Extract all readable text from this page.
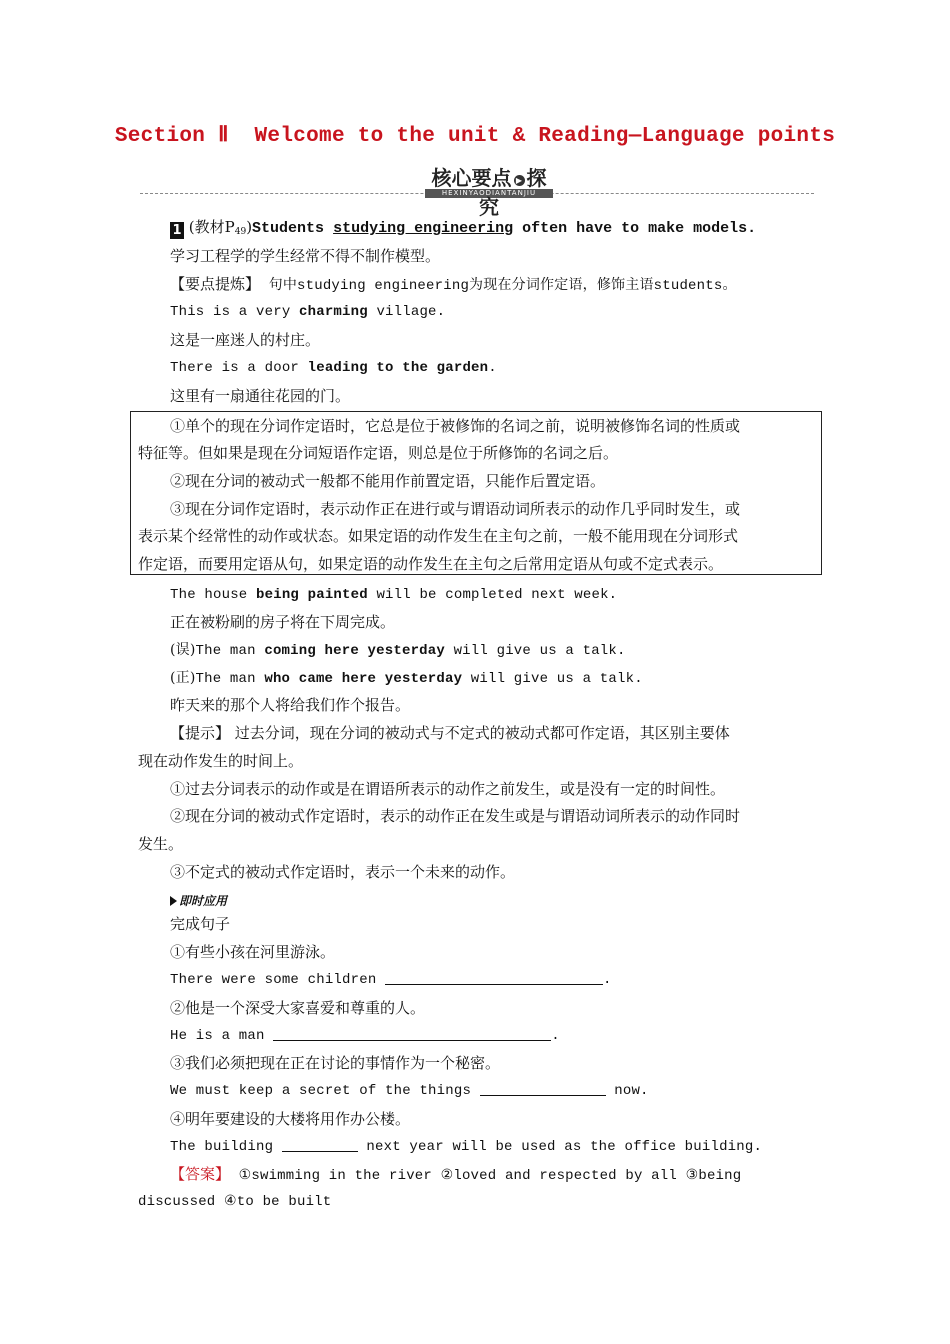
Section Ⅱ  Welcome to the unit & Reading—Language points
HEXINYAODIANTANJIU
核心要点 ▶ 探究
1 (教材P49)Students studying engineering often have to make models.
学习工程学的学生经常不得不制作模型。
【要点提炼】 句中studying engineering为现在分词作定语，修饰主语students。
This is a very charming village.
这是一座迷人的村庄。
There is a door leading to the garden.
这里有一扇通往花园的门。
①单个的现在分词作定语时，它总是位于被修饰的名词之前，说明被修饰名词的性质或
特征等。但如果是现在分词短语作定语，则总是位于所修饰的名词之后。
②现在分词的被动式一般都不能用作前置定语，只能作后置定语。
③现在分词作定语时，表示动作正在进行或与谓语动词所表示的动作几乎同时发生，或
表示某个经常性的动作或状态。如果定语的动作发生在主句之前，一般不能用现在分词形式
作定语，而要用定语从句，如果定语的动作发生在主句之后常用定语从句或不定式表示。
The house being painted will be completed next week.
正在被粉刷的房子将在下周完成。
(误)The man coming here yesterday will give us a talk.
(正)The man who came here yesterday will give us a talk.
昨天来的那个人将给我们作个报告。
【提示】 过去分词，现在分词的被动式与不定式的被动式都可作定语，其区别主要体
现在动作发生的时间上。
①过去分词表示的动作或是在谓语所表示的动作之前发生，或是没有一定的时间性。
②现在分词的被动式作定语时，表示的动作正在发生或是与谓语动词所表示的动作同时
发生。
③不定式的被动式作定语时，表示一个未来的动作。
即时应用
完成句子
①有些小孩在河里游泳。
There were some children	.
②他是一个深受大家喜爱和尊重的人。
He is a man	.
③我们必须把现在正在讨论的事情作为一个秘密。
We must keep a secret of the things	now.
④明年要建设的大楼将用作办公楼。
The building	next year will be used as the office building.
【答案】 ①swimming in the river ②loved and respected by all ③being
discussed ④to be built
